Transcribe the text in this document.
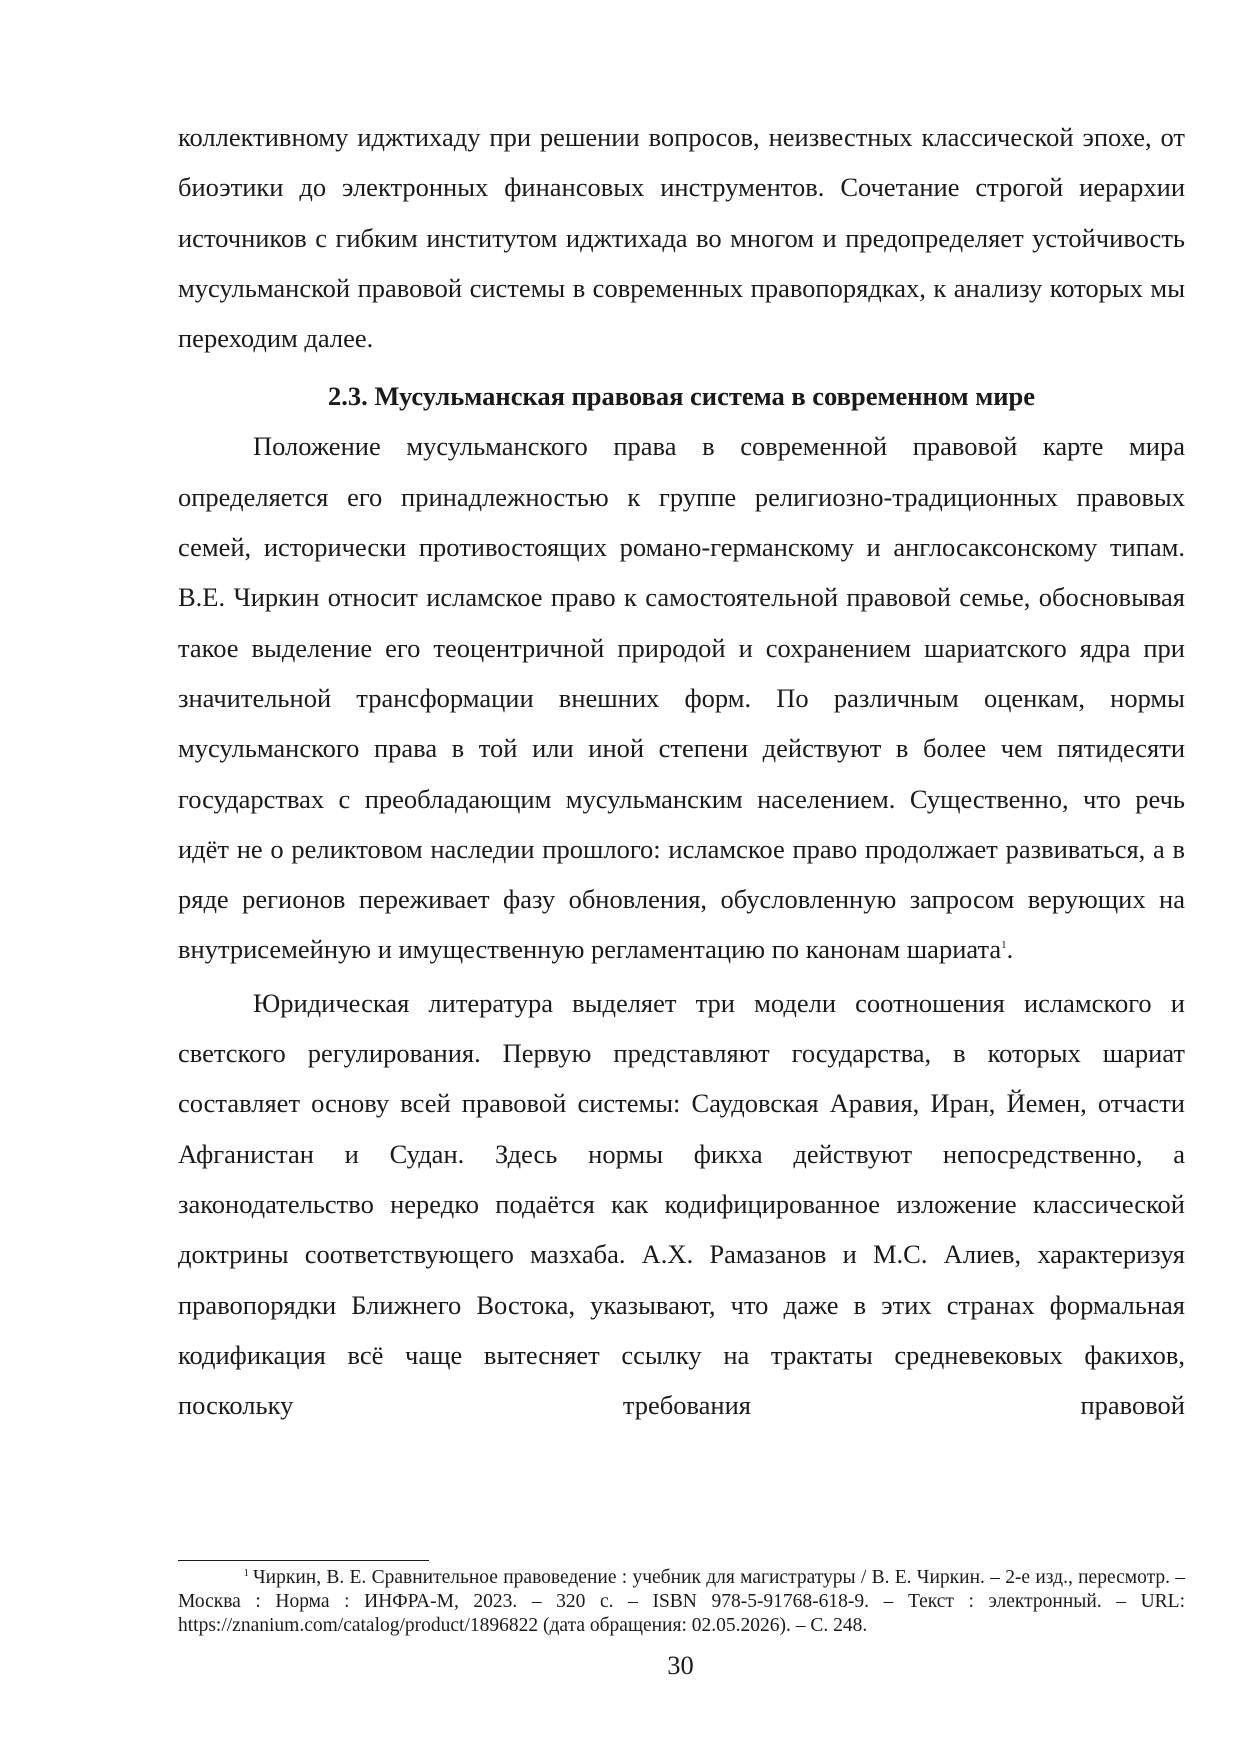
коллективному иджтихаду при решении вопросов, неизвестных классической эпохе, от биоэтики до электронных финансовых инструментов. Сочетание строгой иерархии источников с гибким институтом иджтихада во многом и предопределяет устойчивость мусульманской правовой системы в современных правопорядках, к анализу которых мы переходим далее.

2.3. Мусульманская правовая система в современном мире

Положение мусульманского права в современной правовой карте мира определяется его принадлежностью к группе религиозно-традиционных правовых семей, исторически противостоящих романо-германскому и англосаксонскому типам. В.Е. Чиркин относит исламское право к самостоятельной правовой семье, обосновывая такое выделение его теоцентричной природой и сохранением шариатского ядра при значительной трансформации внешних форм. По различным оценкам, нормы мусульманского права в той или иной степени действуют в более чем пятидесяти государствах с преобладающим мусульманским населением. Существенно, что речь идёт не о реликтовом наследии прошлого: исламское право продолжает развиваться, а в ряде регионов переживает фазу обновления, обусловленную запросом верующих на внутрисемейную и имущественную регламентацию по канонам шариата$^1$.

Юридическая литература выделяет три модели соотношения исламского и светского регулирования. Первую представляют государства, в которых шариат составляет основу всей правовой системы: Саудовская Аравия, Иран, Йемен, отчасти Афганистан и Судан. Здесь нормы фикха действуют непосредственно, а законодательство нередко подаётся как кодифицированное изложение классической доктрины соответствующего мазхаба. А.Х. Рамазанов и М.С. Алиев, характеризуя правопорядки Ближнего Востока, указывают, что даже в этих странах формальная кодификация всё чаще вытесняет ссылку на трактаты средневековых факихов, поскольку требования правовой

1 Чиркин, В. Е. Сравнительное правоведение : учебник для магистратуры / В. Е. Чиркин. – 2-е изд., пересмотр. – Москва : Норма : ИНФРА-М, 2023. – 320 с. – ISBN 978-5-91768-618-9. – Текст : электронный. – URL: https://znanium.com/catalog/product/1896822 (дата обращения: 02.05.2026). – С. 248.

30
